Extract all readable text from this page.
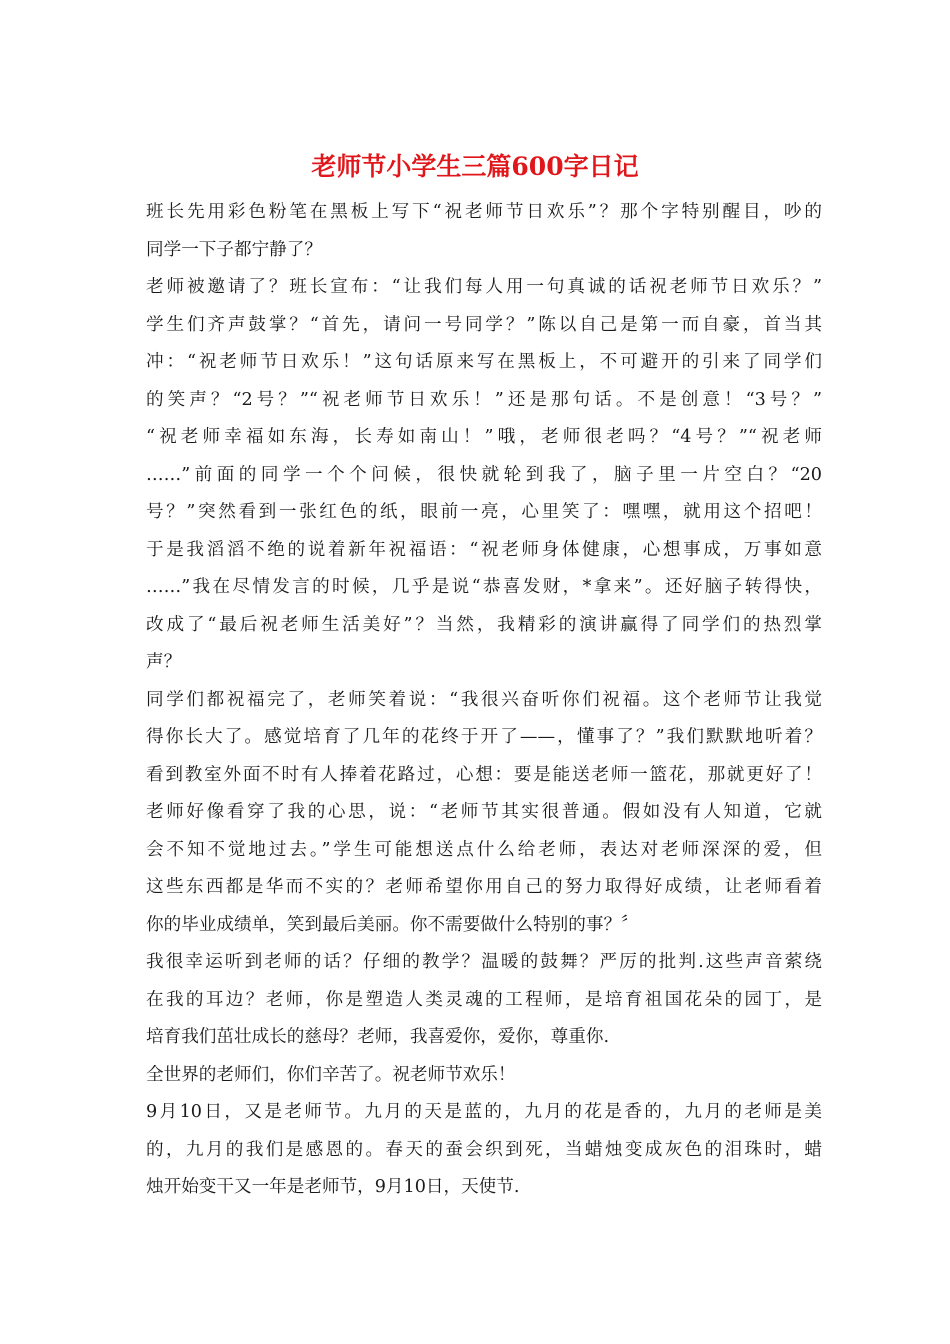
老师节小学生三篇600字日记
班长先用彩色粉笔在黑板上写下“祝老师节日欢乐”？那个字特别醒目，吵的
同学一下子都宁静了？
老师被邀请了？班长宣布：“让我们每人用一句真诚的话祝老师节日欢乐？”
学生们齐声鼓掌？“首先，请问一号同学？”陈以自己是第一而自豪，首当其
冲：“祝老师节日欢乐！”这句话原来写在黑板上，不可避开的引来了同学们
的笑声？“2号？”“祝老师节日欢乐！”还是那句话。不是创意！“3号？”
“祝老师幸福如东海，长寿如南山！”哦，老师很老吗？“4号？”“祝老师
……”前面的同学一个个问候，很快就轮到我了，脑子里一片空白？“20
号？”突然看到一张红色的纸，眼前一亮，心里笑了：嘿嘿，就用这个招吧！
于是我滔滔不绝的说着新年祝福语：“祝老师身体健康，心想事成，万事如意
……”我在尽情发言的时候，几乎是说“恭喜发财，*拿来”。还好脑子转得快，
改成了“最后祝老师生活美好”？当然，我精彩的演讲赢得了同学们的热烈掌
声？
同学们都祝福完了，老师笑着说：“我很兴奋听你们祝福。这个老师节让我觉
得你长大了。感觉培育了几年的花终于开了——，懂事了？”我们默默地听着？
看到教室外面不时有人捧着花路过，心想：要是能送老师一篮花，那就更好了！
老师好像看穿了我的心思，说：“老师节其实很普通。假如没有人知道，它就
会不知不觉地过去。”学生可能想送点什么给老师，表达对老师深深的爱，但
这些东西都是华而不实的？老师希望你用自己的努力取得好成绩，让老师看着
你的毕业成绩单，笑到最后美丽。你不需要做什么特别的事？〞
我很幸运听到老师的话？仔细的教学？温暖的鼓舞？严厉的批判.这些声音萦绕
在我的耳边？老师，你是塑造人类灵魂的工程师，是培育祖国花朵的园丁，是
培育我们茁壮成长的慈母？老师，我喜爱你，爱你，尊重你.
全世界的老师们，你们辛苦了。祝老师节欢乐！
9月10日，又是老师节。九月的天是蓝的，九月的花是香的，九月的老师是美
的，九月的我们是感恩的。春天的蚕会织到死，当蜡烛变成灰色的泪珠时，蜡
烛开始变干又一年是老师节，9月10日，天使节.
